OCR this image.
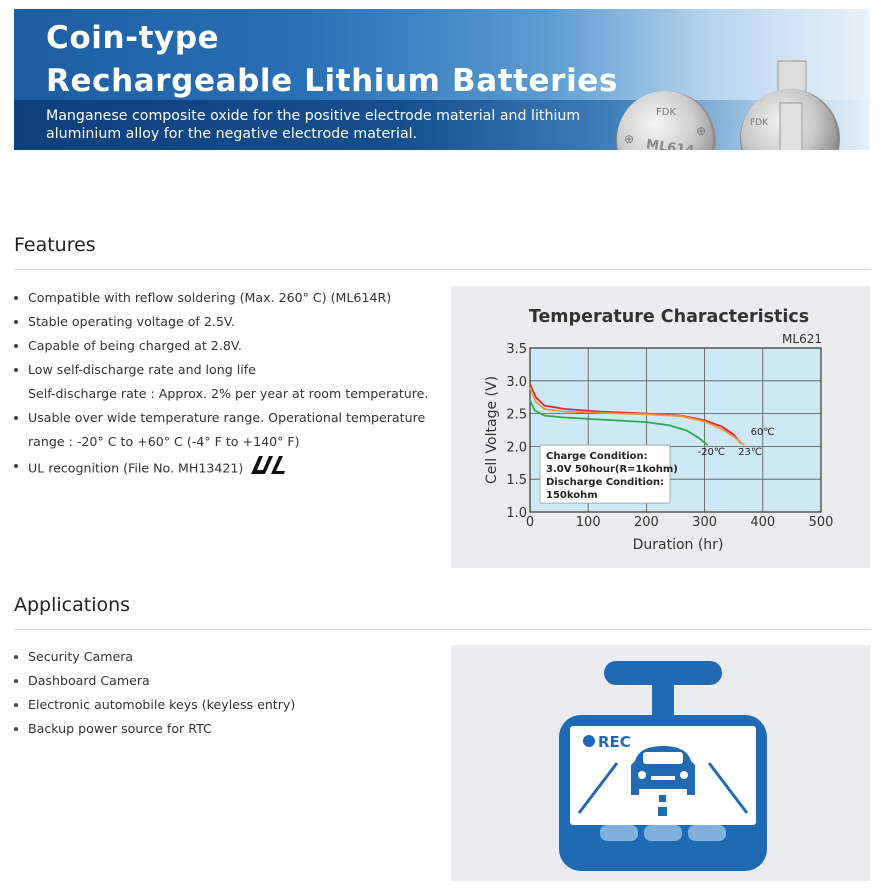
Coin-type
Rechargeable Lithium Batteries

Manganese composite oxide for the positive electrode material and lithium
aluminium alloy for the negative electrode material.

FDK
ML614
JAPAN
⊕
⊕
FDK
JAPAN
⊕
Features
Compatible with reflow soldering (Max. 260° C) (ML614R)
Stable operating voltage of 2.5V.
Capable of being charged at 2.8V.
Low self-discharge rate and long life
Self-discharge rate : Approx. 2% per year at room temperature.
Usable over wide temperature range. Operational temperature
range : -20° C to +60° C (-4° F to +140° F)
UL recognition (File No. MH13421)
UL
Temperature Characteristics
ML621
0	100	200	300	400	500
1.0
1.5
2.0
2.5
3.0
3.5
Charge Condition:
3.0V 50hour(R=1kohm)
Discharge Condition:
150kohm
60℃
23℃
-20℃
Duration (hr)
Cell Voltage (V)
Applications
Security Camera
Dashboard Camera
Electronic automobile keys (keyless entry)
Backup power source for RTC
REC
